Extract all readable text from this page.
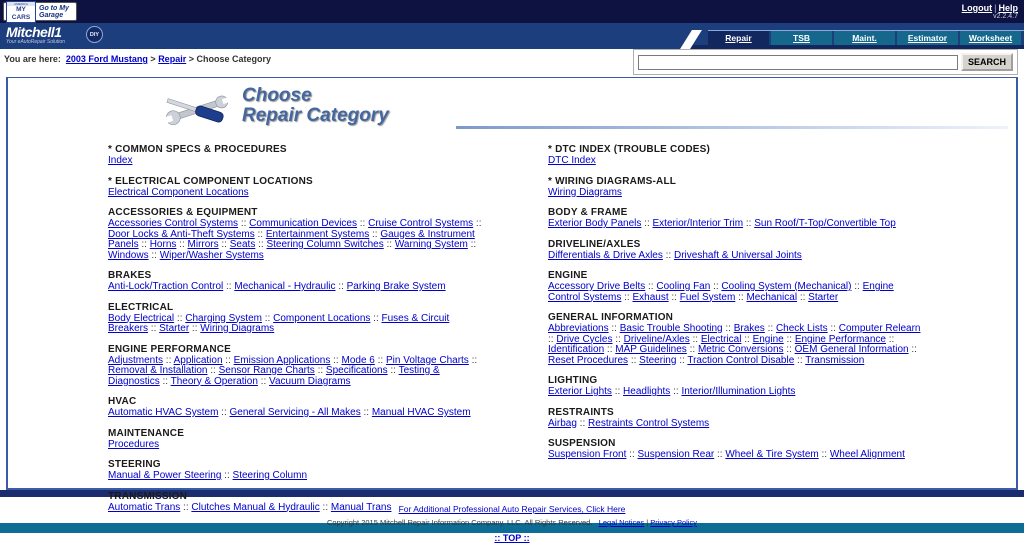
AMERICA
MY CARS
Go to My
Garage
Logout | Help
v2.2.4.7
Mitchell1
Your eAutoRepair Solution
DIY	Repair	TSB	Maint.	Estimator	Worksheet
You are here: 2003 Ford Mustang > Repair > Choose Category	SEARCH
Choose
Repair Category
* COMMON SPECS & PROCEDURES
Index
* ELECTRICAL COMPONENT LOCATIONS
Electrical Component Locations
ACCESSORIES & EQUIPMENT
Accessories Control Systems :: Communication Devices :: Cruise Control Systems :: Door Locks & Anti-Theft Systems :: Entertainment Systems :: Gauges & Instrument Panels :: Horns :: Mirrors :: Seats :: Steering Column Switches :: Warning System :: Windows :: Wiper/Washer Systems
BRAKES
Anti-Lock/Traction Control :: Mechanical - Hydraulic :: Parking Brake System
ELECTRICAL
Body Electrical :: Charging System :: Component Locations :: Fuses & Circuit Breakers :: Starter :: Wiring Diagrams
ENGINE PERFORMANCE
Adjustments :: Application :: Emission Applications :: Mode 6 :: Pin Voltage Charts :: Removal & Installation :: Sensor Range Charts :: Specifications :: Testing & Diagnostics :: Theory & Operation :: Vacuum Diagrams
HVAC
Automatic HVAC System :: General Servicing - All Makes :: Manual HVAC System
MAINTENANCE
Procedures
STEERING
Manual & Power Steering :: Steering Column
TRANSMISSION
Automatic Trans :: Clutches Manual & Hydraulic :: Manual Trans
* DTC INDEX (TROUBLE CODES)
DTC Index
* WIRING DIAGRAMS-ALL
Wiring Diagrams
BODY & FRAME
Exterior Body Panels :: Exterior/Interior Trim :: Sun Roof/T-Top/Convertible Top
DRIVELINE/AXLES
Differentials & Drive Axles :: Driveshaft & Universal Joints
ENGINE
Accessory Drive Belts :: Cooling Fan :: Cooling System (Mechanical) :: Engine Control Systems :: Exhaust :: Fuel System :: Mechanical :: Starter
GENERAL INFORMATION
Abbreviations :: Basic Trouble Shooting :: Brakes :: Check Lists :: Computer Relearn :: Drive Cycles :: Driveline/Axles :: Electrical :: Engine :: Engine Performance :: Identification :: MAP Guidelines :: Metric Conversions :: OEM General Information :: Reset Procedures :: Steering :: Traction Control Disable :: Transmission
LIGHTING
Exterior Lights :: Headlights :: Interior/Illumination Lights
RESTRAINTS
Airbag :: Restraints Control Systems
SUSPENSION
Suspension Front :: Suspension Rear :: Wheel & Tire System :: Wheel Alignment
For Additional Professional Auto Repair Services, Click Here
Copyright 2015 Mitchell Repair Information Company, LLC. All Rights Reserved. Legal Notices | Privacy Policy
:: TOP ::
